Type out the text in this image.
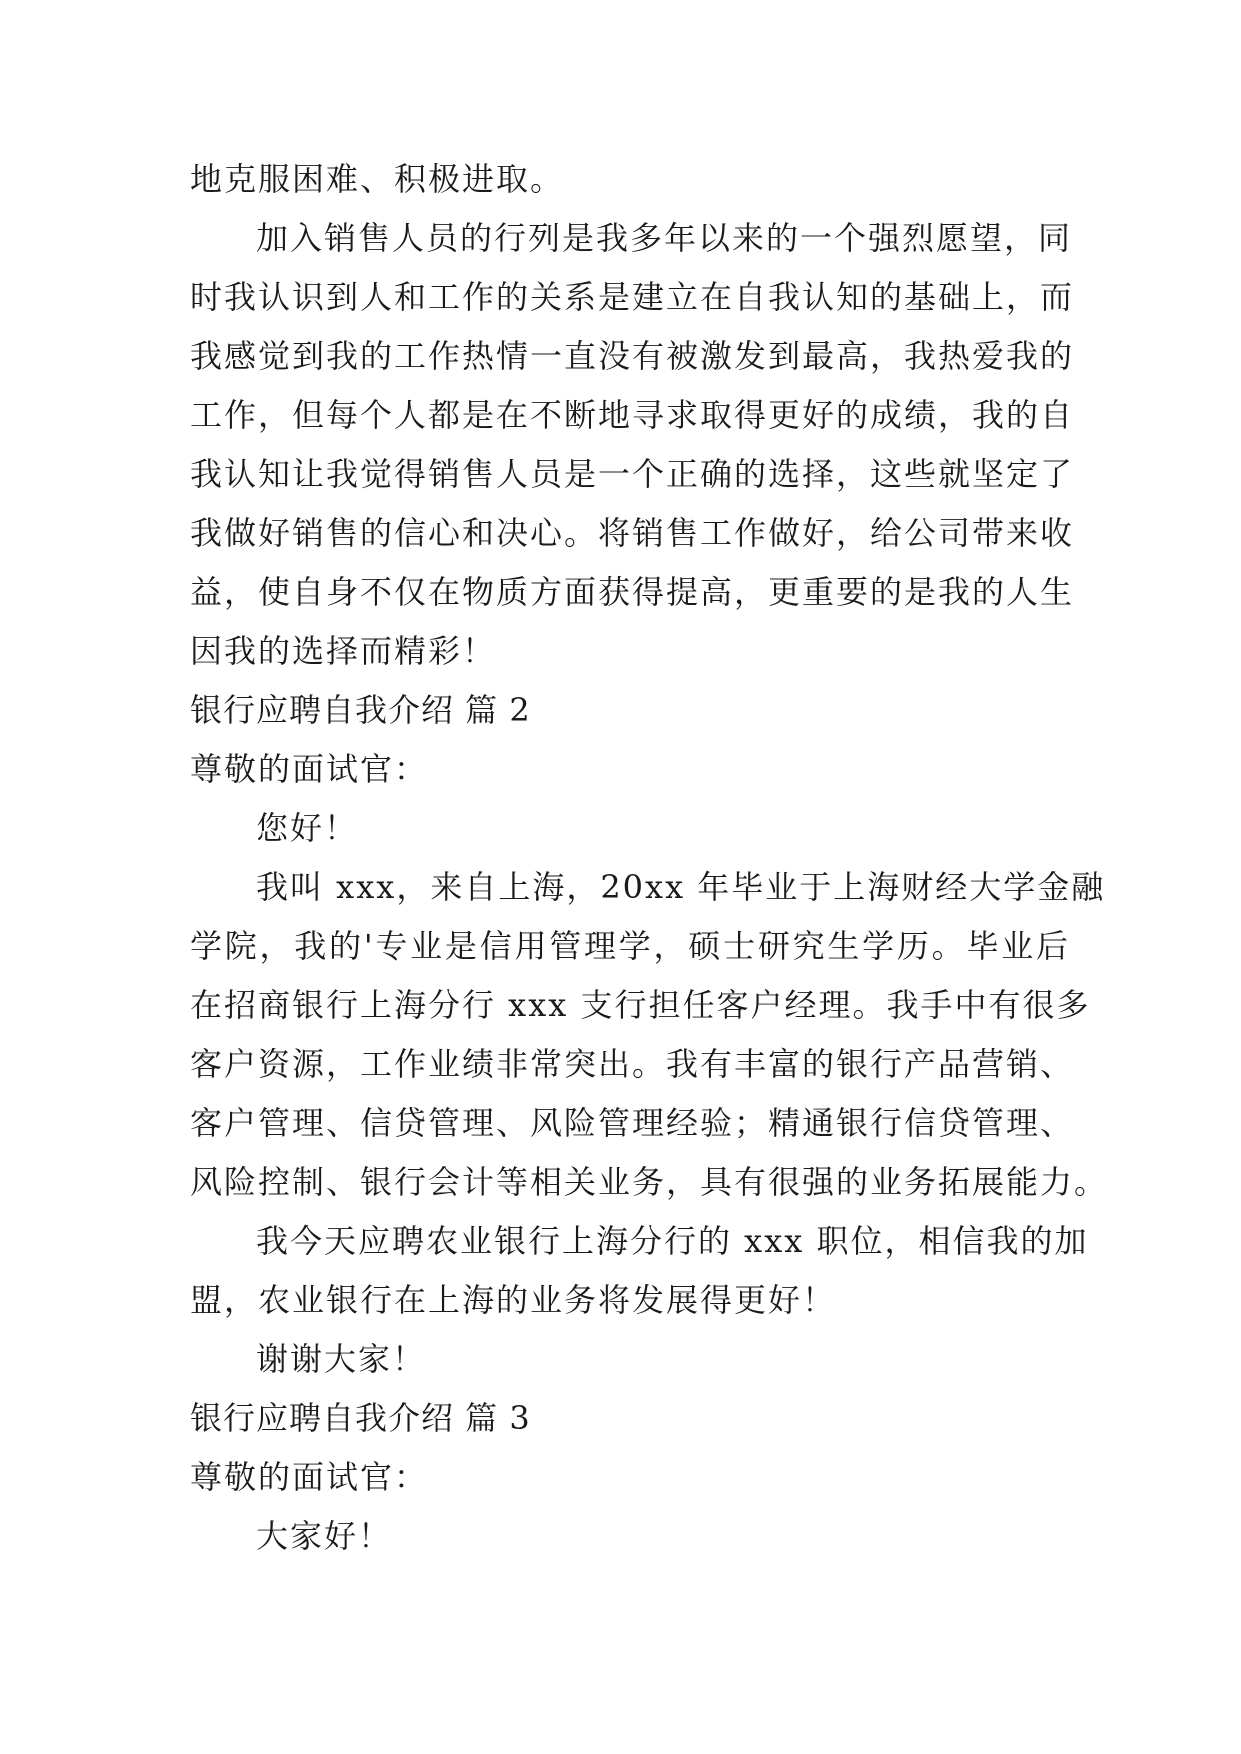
地克服困难、积极进取。
加入销售人员的行列是我多年以来的一个强烈愿望，同
时我认识到人和工作的关系是建立在自我认知的基础上，而
我感觉到我的工作热情一直没有被激发到最高，我热爱我的
工作，但每个人都是在不断地寻求取得更好的成绩，我的自
我认知让我觉得销售人员是一个正确的选择，这些就坚定了
我做好销售的信心和决心。将销售工作做好，给公司带来收
益，使自身不仅在物质方面获得提高，更重要的是我的人生
因我的选择而精彩！
银行应聘自我介绍 篇 2
尊敬的面试官：
您好！
我叫 xxx，来自上海，20xx 年毕业于上海财经大学金融
学院，我的'专业是信用管理学，硕士研究生学历。毕业后
在招商银行上海分行 xxx 支行担任客户经理。我手中有很多
客户资源，工作业绩非常突出。我有丰富的银行产品营销、
客户管理、信贷管理、风险管理经验；精通银行信贷管理、
风险控制、银行会计等相关业务，具有很强的业务拓展能力。
我今天应聘农业银行上海分行的 xxx 职位，相信我的加
盟，农业银行在上海的业务将发展得更好！
谢谢大家！
银行应聘自我介绍 篇 3
尊敬的面试官：
大家好！
